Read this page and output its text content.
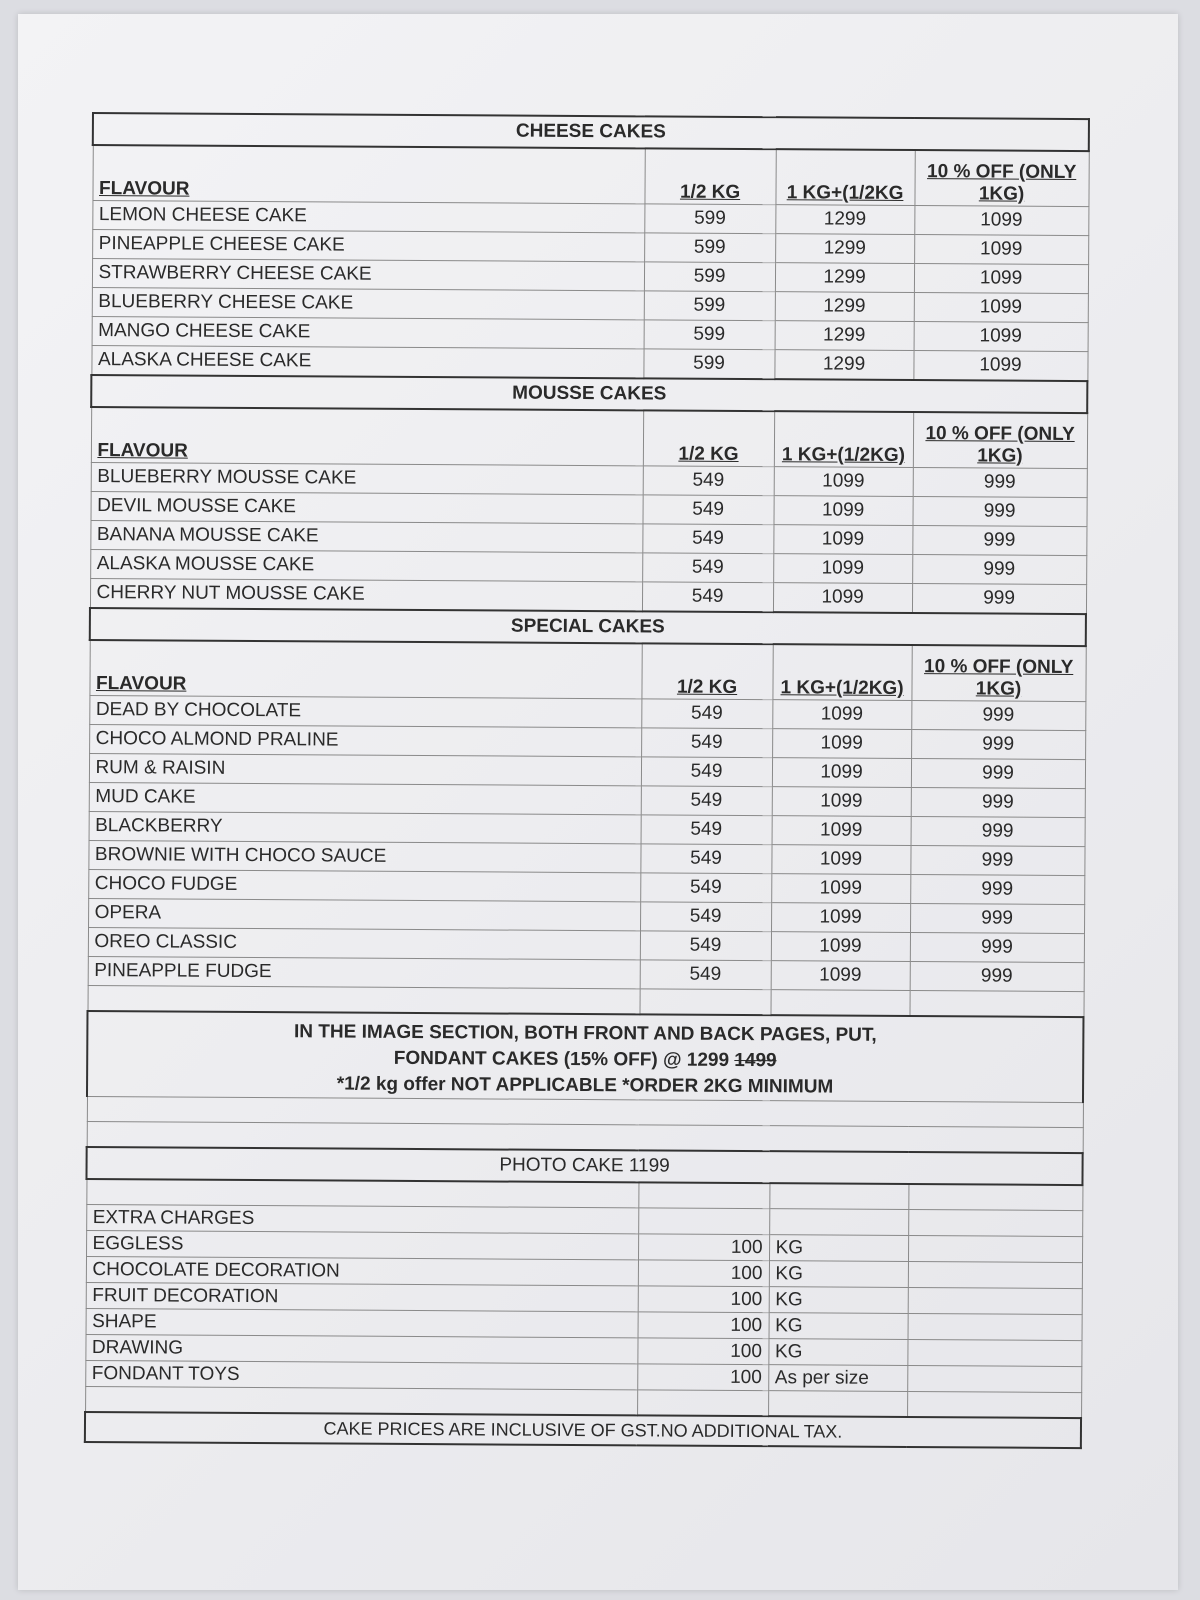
CHEESE CAKES			
FLAVOUR	1/2 KG	1 KG+(1/2KG	10 % OFF (ONLY 1KG)
LEMON CHEESE CAKE	599	1299	1099
PINEAPPLE CHEESE CAKE	599	1299	1099
STRAWBERRY CHEESE CAKE	599	1299	1099
BLUEBERRY CHEESE CAKE	599	1299	1099
MANGO CHEESE CAKE	599	1299	1099
ALASKA CHEESE CAKE	599	1299	1099
MOUSSE CAKES			
FLAVOUR	1/2 KG	1 KG+(1/2KG)	10 % OFF (ONLY 1KG)
BLUEBERRY MOUSSE CAKE	549	1099	999
DEVIL MOUSSE CAKE	549	1099	999
BANANA MOUSSE CAKE	549	1099	999
ALASKA MOUSSE CAKE	549	1099	999
CHERRY NUT MOUSSE CAKE	549	1099	999
SPECIAL CAKES			
FLAVOUR	1/2 KG	1 KG+(1/2KG)	10 % OFF (ONLY 1KG)
DEAD BY CHOCOLATE	549	1099	999
CHOCO ALMOND PRALINE	549	1099	999
RUM & RAISIN	549	1099	999
MUD CAKE	549	1099	999
BLACKBERRY	549	1099	999
BROWNIE WITH CHOCO SAUCE	549	1099	999
CHOCO FUDGE	549	1099	999
OPERA	549	1099	999
OREO CLASSIC	549	1099	999
PINEAPPLE FUDGE	549	1099	999

IN THE IMAGE SECTION, BOTH FRONT AND BACK PAGES, PUT,
FONDANT CAKES (15% OFF) @ 1299 1499
*1/2 kg offer NOT APPLICABLE *ORDER 2KG MINIMUM			

PHOTO CAKE 1199			

EXTRA CHARGES			
EGGLESS	100	KG	
CHOCOLATE DECORATION	100	KG	
FRUIT DECORATION	100	KG	
SHAPE	100	KG	
DRAWING	100	KG	
FONDANT TOYS	100	As per size	

CAKE PRICES ARE INCLUSIVE OF GST.NO ADDITIONAL TAX.			
